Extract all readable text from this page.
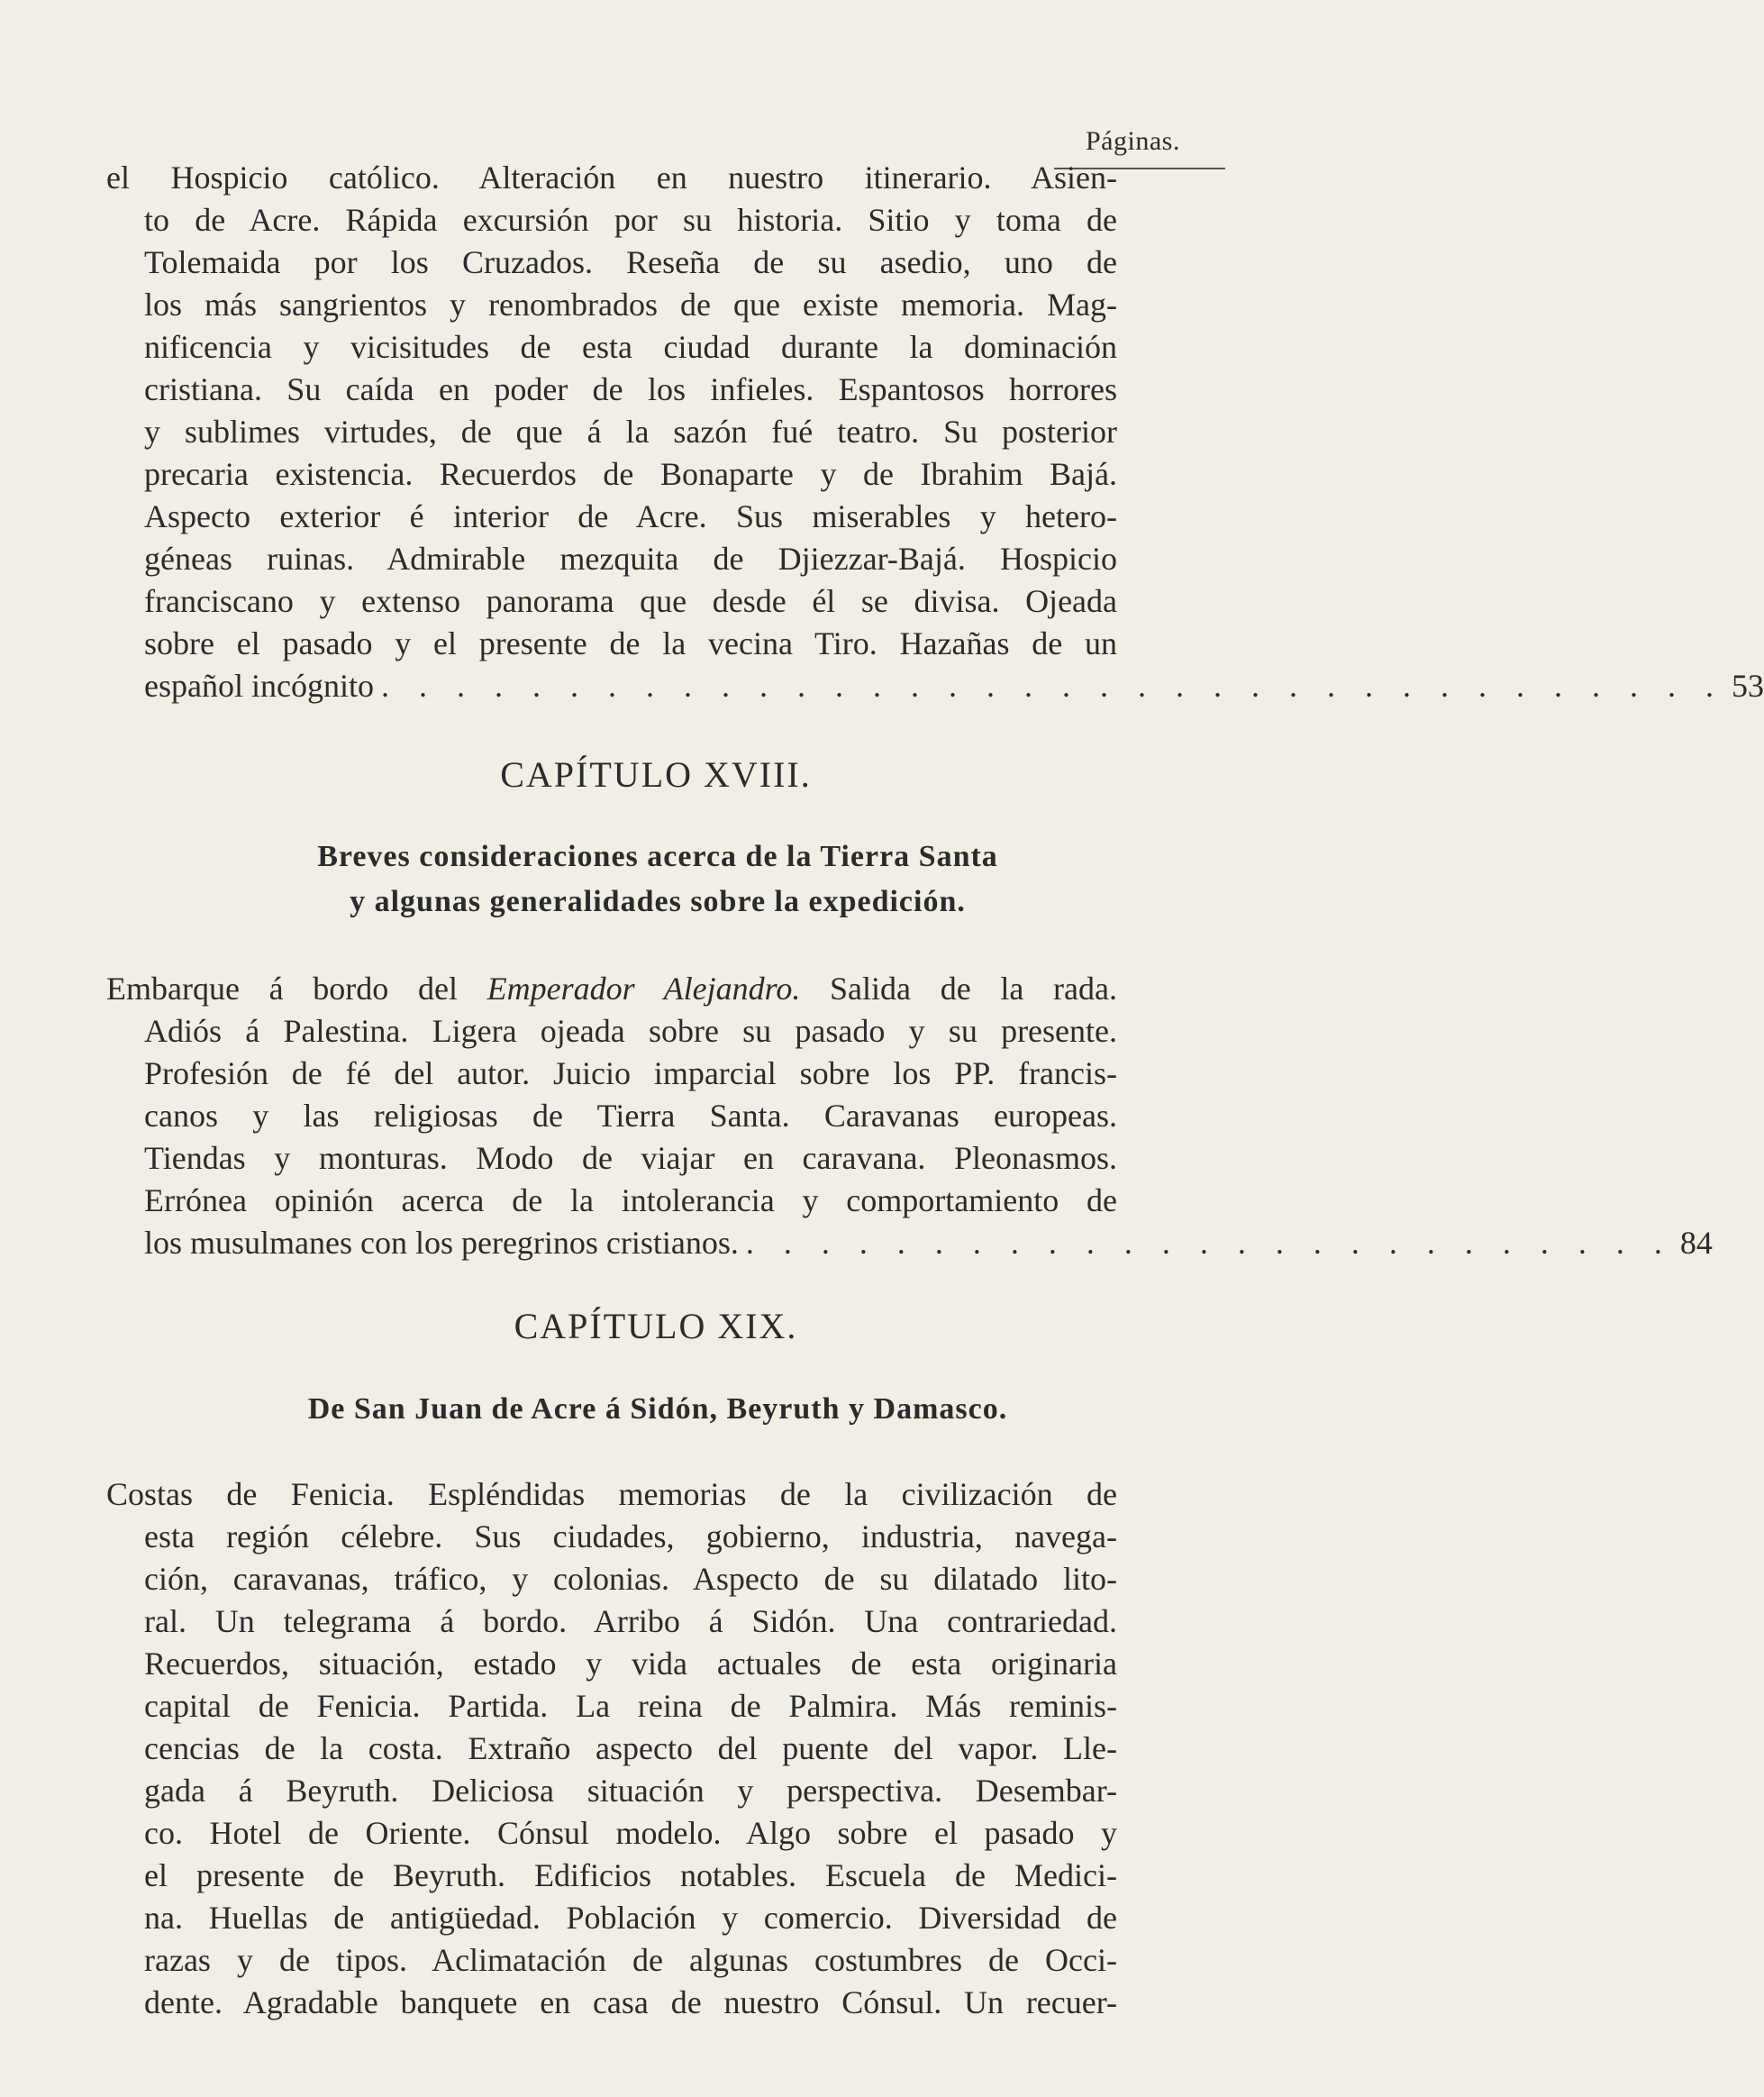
Páginas.
el Hospicio católico. Alteración en nuestro itinerario. Asien-
to de Acre. Rápida excursión por su historia. Sitio y toma de
Tolemaida por los Cruzados. Reseña de su asedio, uno de
los más sangrientos y renombrados de que existe memoria. Mag-
nificencia y vicisitudes de esta ciudad durante la dominación
cristiana. Su caída en poder de los infieles. Espantosos horrores
y sublimes virtudes, de que á la sazón fué teatro. Su posterior
precaria existencia. Recuerdos de Bonaparte y de Ibrahim Bajá.
Aspecto exterior é interior de Acre. Sus miserables y hetero-
géneas ruinas. Admirable mezquita de Djiezzar-Bajá. Hospicio
franciscano y extenso panorama que desde él se divisa. Ojeada
sobre el pasado y el presente de la vecina Tiro. Hazañas de un
español incógnito . . . . . . . . . . . . . . . . . . . . . . . . . . . . . . . . . . . . 53
CAPÍTULO XVIII.
Breves consideraciones acerca de la Tierra Santa
y algunas generalidades sobre la expedición.
Embarque á bordo del Emperador Alejandro. Salida de la rada.
Adiós á Palestina. Ligera ojeada sobre su pasado y su presente.
Profesión de fé del autor. Juicio imparcial sobre los PP. francis-
canos y las religiosas de Tierra Santa. Caravanas europeas.
Tiendas y monturas. Modo de viajar en caravana. Pleonasmos.
Errónea opinión acerca de la intolerancia y comportamiento de
los musulmanes con los peregrinos cristianos. . . . . . . . . . . . . . . . . . . . . . . . . . 84
CAPÍTULO XIX.
De San Juan de Acre á Sidón, Beyruth y Damasco.
Costas de Fenicia. Espléndidas memorias de la civilización de
esta región célebre. Sus ciudades, gobierno, industria, navega-
ción, caravanas, tráfico, y colonias. Aspecto de su dilatado lito-
ral. Un telegrama á bordo. Arribo á Sidón. Una contrariedad.
Recuerdos, situación, estado y vida actuales de esta originaria
capital de Fenicia. Partida. La reina de Palmira. Más reminis-
cencias de la costa. Extraño aspecto del puente del vapor. Lle-
gada á Beyruth. Deliciosa situación y perspectiva. Desembar-
co. Hotel de Oriente. Cónsul modelo. Algo sobre el pasado y
el presente de Beyruth. Edificios notables. Escuela de Medici-
na. Huellas de antigüedad. Población y comercio. Diversidad de
razas y de tipos. Aclimatación de algunas costumbres de Occi-
dente. Agradable banquete en casa de nuestro Cónsul. Un recuer-
